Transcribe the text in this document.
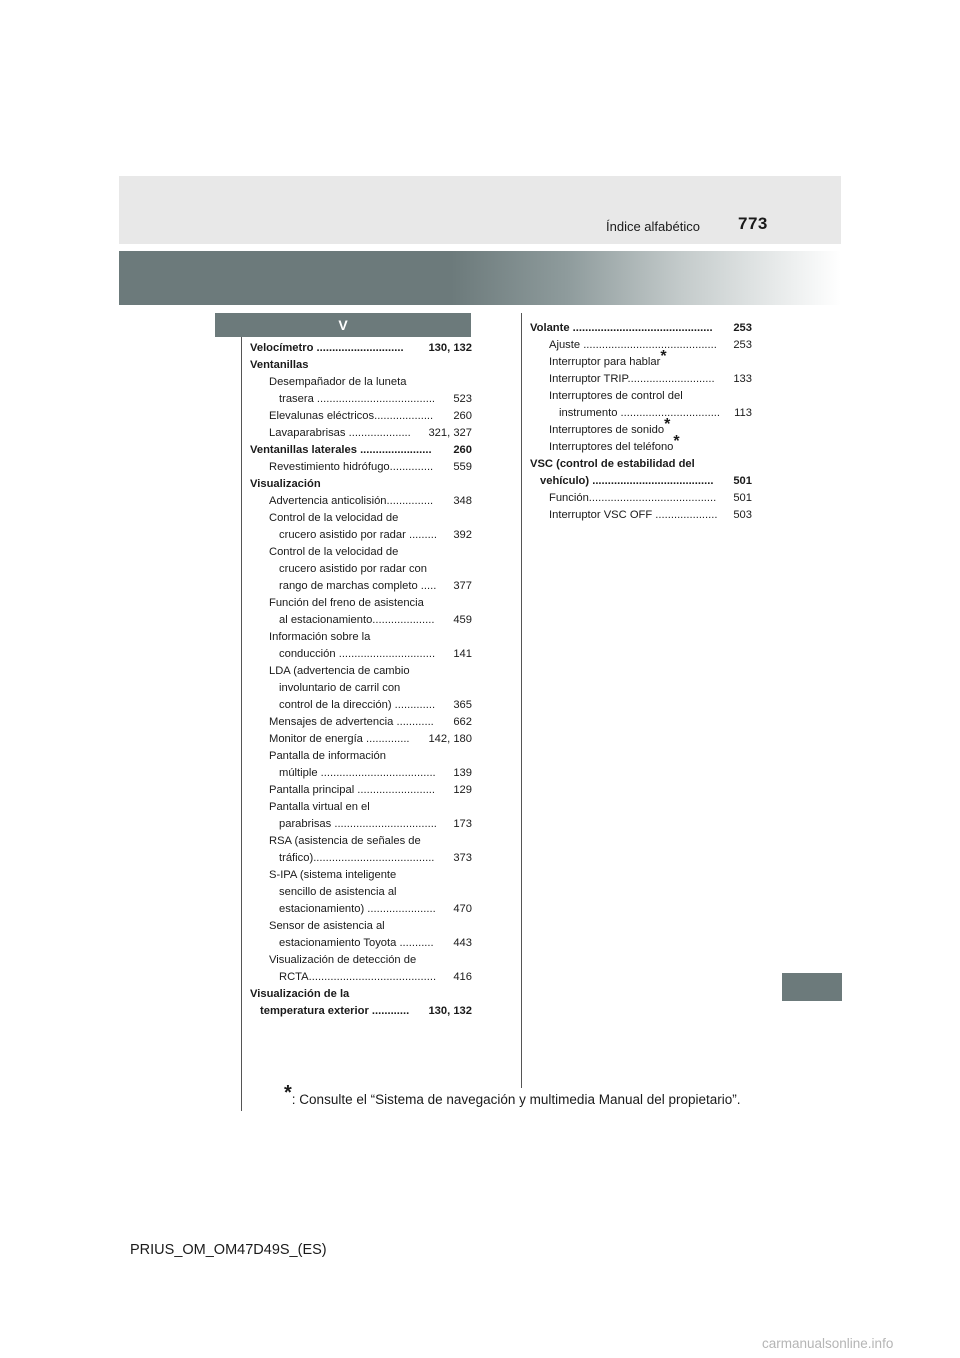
Índice alfabético 773
V
Velocímetro ............................ 130, 132
Ventanillas
Desempañador de la luneta
trasera ...................................... 523
Elevalunas eléctricos................... 260
Lavaparabrisas .................... 321, 327
Ventanillas laterales ....................... 260
Revestimiento hidrófugo.............. 559
Visualización
Advertencia anticolisión............... 348
Control de la velocidad de
crucero asistido por radar ......... 392
Control de la velocidad de
crucero asistido por radar con
rango de marchas completo ..... 377
Función del freno de asistencia
al estacionamiento.................... 459
Información sobre la
conducción ............................... 141
LDA (advertencia de cambio
involuntario de carril con
control de la dirección) ............. 365
Mensajes de advertencia ............ 662
Monitor de energía .............. 142, 180
Pantalla de información
múltiple ..................................... 139
Pantalla principal ......................... 129
Pantalla virtual en el
parabrisas ................................. 173
RSA (asistencia de señales de
tráfico)....................................... 373
S-IPA (sistema inteligente
sencillo de asistencia al
estacionamiento) ...................... 470
Sensor de asistencia al
estacionamiento Toyota ........... 443
Visualización de detección de
RCTA......................................... 416
Visualización de la
temperatura exterior ............ 130, 132
Volante ............................................. 253
Ajuste ........................................... 253
Interruptor para hablar*
Interruptor TRIP............................ 133
Interruptores de control del
instrumento ................................ 113
Interruptores de sonido*
Interruptores del teléfono*
VSC (control de estabilidad del
vehículo) ....................................... 501
Función......................................... 501
Interruptor VSC OFF .................... 503
*: Consulte el “Sistema de navegación y multimedia Manual del propietario”.
PRIUS_OM_OM47D49S_(ES)
carmanualsonline.info
